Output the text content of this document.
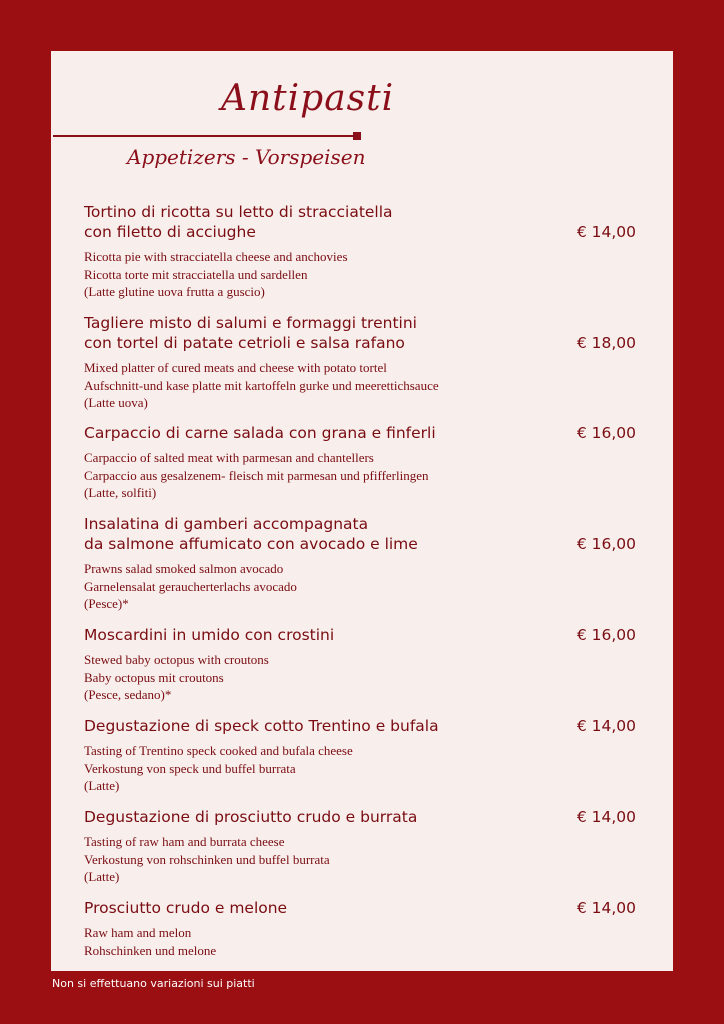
Antipasti
Appetizers - Vorspeisen
€ 14,00
Tortino di ricotta su letto di stracciatella
con filetto di acciughe
Ricotta pie with stracciatella cheese and anchovies
Ricotta torte mit stracciatella und sardellen
(Latte glutine uova frutta a guscio)
€ 18,00
Tagliere misto di salumi e formaggi trentini
con tortel di patate cetrioli e salsa rafano
Mixed platter of cured meats and cheese with potato tortel
Aufschnitt-und kase platte mit kartoffeln gurke und meerettichsauce
(Latte uova)
€ 16,00
Carpaccio di carne salada con grana e finferli
Carpaccio of salted meat with parmesan and chantellers
Carpaccio aus gesalzenem- fleisch mit parmesan und pfifferlingen
(Latte, solfiti)
€ 16,00
Insalatina di gamberi accompagnata
da salmone affumicato con avocado e lime
Prawns salad smoked salmon avocado
Garnelensalat geraucherterlachs avocado
(Pesce)*
€ 16,00
Moscardini in umido con crostini
Stewed baby octopus with croutons
Baby octopus mit croutons
(Pesce, sedano)*
€ 14,00
Degustazione di speck cotto Trentino e bufala
Tasting of Trentino speck cooked and bufala cheese
Verkostung von speck und buffel burrata
(Latte)
€ 14,00
Degustazione di prosciutto crudo e burrata
Tasting of raw ham and burrata cheese
Verkostung von rohschinken und buffel burrata
(Latte)
€ 14,00
Prosciutto crudo e melone
Raw ham and melon
Rohschinken und melone
Non si effettuano variazioni sui piatti
